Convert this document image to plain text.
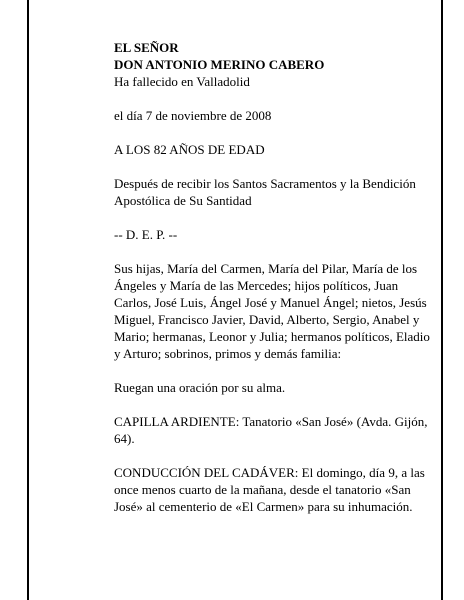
EL SEÑOR

DON ANTONIO MERINO CABERO

Ha fallecido en Valladolid

el día 7 de noviembre de 2008

A LOS 82 AÑOS DE EDAD

Después de recibir los Santos Sacramentos y la Bendición Apostólica de Su Santidad

-- D. E. P. --

Sus hijas, María del Carmen, María del Pilar, María de los Ángeles y María de las Mercedes; hijos políticos, Juan Carlos, José Luis, Ángel José y Manuel Ángel; nietos, Jesús Miguel, Francisco Javier, David, Alberto, Sergio, Anabel y Mario; hermanas, Leonor y Julia; hermanos políticos, Eladio y Arturo; sobrinos, primos y demás familia:

Ruegan una oración por su alma.

CAPILLA ARDIENTE: Tanatorio «San José» (Avda. Gijón, 64).

CONDUCCIÓN DEL CADÁVER: El domingo, día 9, a las once menos cuarto de la mañana, desde el tanatorio «San José» al cementerio de «El Carmen» para su inhumación.
